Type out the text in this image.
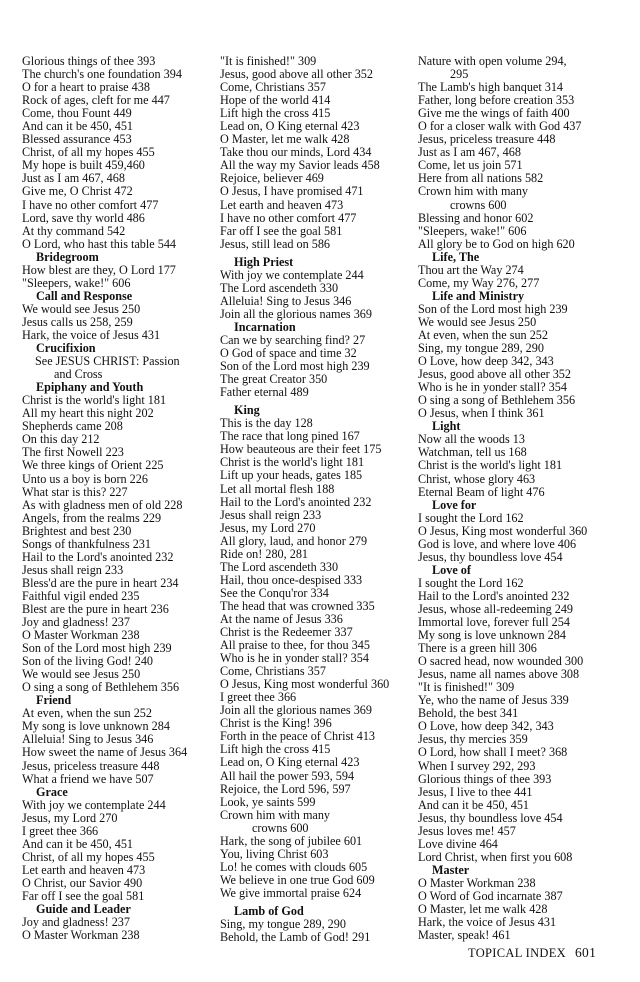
Glorious things of thee 393
The church's one foundation 394
O for a heart to praise 438
Rock of ages, cleft for me 447
Come, thou Fount 449
And can it be 450, 451
Blessed assurance 453
Christ, of all my hopes 455
My hope is built 459,460
Just as I am 467, 468
Give me, O Christ 472
I have no other comfort 477
Lord, save thy world 486
At thy command 542
O Lord, who hast this table 544
Bridegroom
How blest are they, O Lord 177
"Sleepers, wake!" 606
Call and Response
We would see Jesus 250
Jesus calls us 258, 259
Hark, the voice of Jesus 431
Crucifixion
See JESUS CHRIST: Passion
and Cross
Epiphany and Youth
Christ is the world's light 181
All my heart this night 202
Shepherds came 208
On this day 212
The first Nowell 223
We three kings of Orient 225
Unto us a boy is born 226
What star is this? 227
As with gladness men of old 228
Angels, from the realms 229
Brightest and best 230
Songs of thankfulness 231
Hail to the Lord's anointed 232
Jesus shall reign 233
Bless'd are the pure in heart 234
Faithful vigil ended 235
Blest are the pure in heart 236
Joy and gladness! 237
O Master Workman 238
Son of the Lord most high 239
Son of the living God! 240
We would see Jesus 250
O sing a song of Bethlehem 356
Friend
At even, when the sun 252
My song is love unknown 284
Alleluia! Sing to Jesus 346
How sweet the name of Jesus 364
Jesus, priceless treasure 448
What a friend we have 507
Grace
With joy we contemplate 244
Jesus, my Lord 270
I greet thee 366
And can it be 450, 451
Christ, of all my hopes 455
Let earth and heaven 473
O Christ, our Savior 490
Far off I see the goal 581
Guide and Leader
Joy and gladness! 237
O Master Workman 238
"It is finished!" 309
Jesus, good above all other 352
Come, Christians 357
Hope of the world 414
Lift high the cross 415
Lead on, O King eternal 423
O Master, let me walk 428
Take thou our minds, Lord 434
All the way my Savior leads 458
Rejoice, believer 469
O Jesus, I have promised 471
Let earth and heaven 473
I have no other comfort 477
Far off I see the goal 581
Jesus, still lead on 586
High Priest
With joy we contemplate 244
The Lord ascendeth 330
Alleluia! Sing to Jesus 346
Join all the glorious names 369
Incarnation
Can we by searching find? 27
O God of space and time 32
Son of the Lord most high 239
The great Creator 350
Father eternal 489
King
This is the day 128
The race that long pined 167
How beauteous are their feet 175
Christ is the world's light 181
Lift up your heads, gates 185
Let all mortal flesh 188
Hail to the Lord's anointed 232
Jesus shall reign 233
Jesus, my Lord 270
All glory, laud, and honor 279
Ride on! 280, 281
The Lord ascendeth 330
Hail, thou once-despised 333
See the Conqu'ror 334
The head that was crowned 335
At the name of Jesus 336
Christ is the Redeemer 337
All praise to thee, for thou 345
Who is he in yonder stall? 354
Come, Christians 357
O Jesus, King most wonderful 360
I greet thee 366
Join all the glorious names 369
Christ is the King! 396
Forth in the peace of Christ 413
Lift high the cross 415
Lead on, O King eternal 423
All hail the power 593, 594
Rejoice, the Lord 596, 597
Look, ye saints 599
Crown him with many
crowns 600
Hark, the song of jubilee 601
You, living Christ 603
Lo! he comes with clouds 605
We believe in one true God 609
We give immortal praise 624
Lamb of God
Sing, my tongue 289, 290
Behold, the Lamb of God! 291
Nature with open volume 294,
295
The Lamb's high banquet 314
Father, long before creation 353
Give me the wings of faith 400
O for a closer walk with God 437
Jesus, priceless treasure 448
Just as I am 467, 468
Come, let us join 571
Here from all nations 582
Crown him with many
crowns 600
Blessing and honor 602
"Sleepers, wake!" 606
All glory be to God on high 620
Life, The
Thou art the Way 274
Come, my Way 276, 277
Life and Ministry
Son of the Lord most high 239
We would see Jesus 250
At even, when the sun 252
Sing, my tongue 289, 290
O Love, how deep 342, 343
Jesus, good above all other 352
Who is he in yonder stall? 354
O sing a song of Bethlehem 356
O Jesus, when I think 361
Light
Now all the woods 13
Watchman, tell us 168
Christ is the world's light 181
Christ, whose glory 463
Eternal Beam of light 476
Love for
I sought the Lord 162
O Jesus, King most wonderful 360
God is love, and where love 406
Jesus, thy boundless love 454
Love of
I sought the Lord 162
Hail to the Lord's anointed 232
Jesus, whose all-redeeming 249
Immortal love, forever full 254
My song is love unknown 284
There is a green hill 306
O sacred head, now wounded 300
Jesus, name all names above 308
"It is finished!" 309
Ye, who the name of Jesus 339
Behold, the best 341
O Love, how deep 342, 343
Jesus, thy mercies 359
O Lord, how shall I meet? 368
When I survey 292, 293
Glorious things of thee 393
Jesus, I live to thee 441
And can it be 450, 451
Jesus, thy boundless love 454
Jesus loves me! 457
Love divine 464
Lord Christ, when first you 608
Master
O Master Workman 238
O Word of God incarnate 387
O Master, let me walk 428
Hark, the voice of Jesus 431
Master, speak! 461
TOPICAL INDEX 601
